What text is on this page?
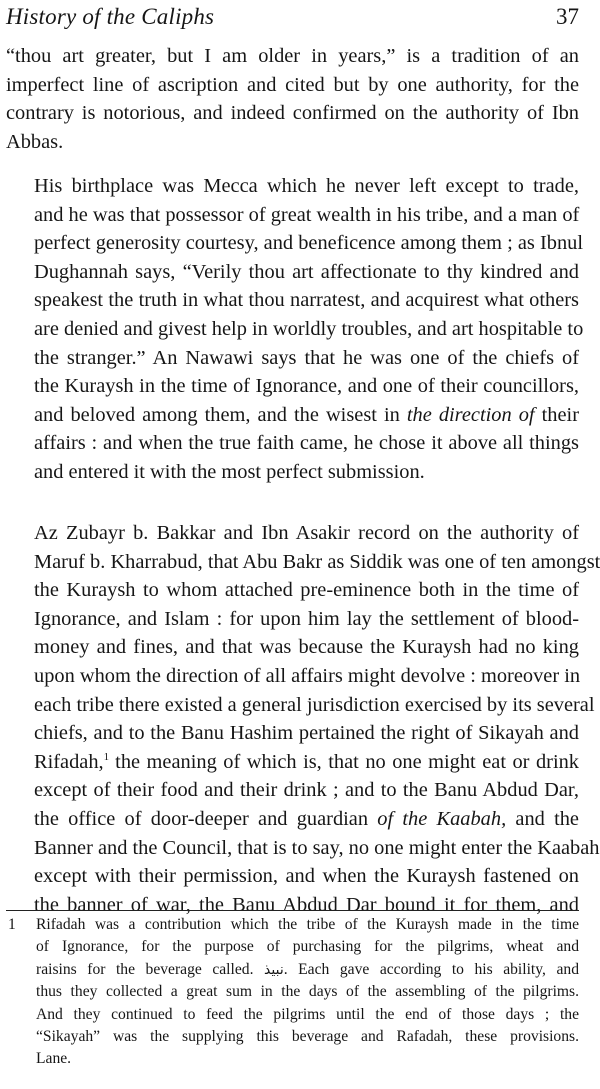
History of the Caliphs	37
“thou art greater, but I am older in years,” is a tradition of an
imperfect line of ascription and cited but by one authority, for the
contrary is notorious, and indeed confirmed on the authority of Ibn
Abbas.
His birthplace was Mecca which he never left except to trade,
and he was that possessor of great wealth in his tribe, and a man of
perfect generosity courtesy, and beneficence among them ; as Ibnul
Dughannah says, “Verily thou art affectionate to thy kindred and
speakest the truth in what thou narratest, and acquirest what others
are denied and givest help in worldly troubles, and art hospitable to
the stranger.” An Nawawi says that he was one of the chiefs of
the Kuraysh in the time of Ignorance, and one of their councillors,
and beloved among them, and the wisest in the direction of their
affairs : and when the true faith came, he chose it above all things
and entered it with the most perfect submission.
Az Zubayr b. Bakkar and Ibn Asakir record on the authority of
Maruf b. Kharrabud, that Abu Bakr as Siddik was one of ten amongst
the Kuraysh to whom attached pre-eminence both in the time of
Ignorance, and Islam : for upon him lay the settlement of blood-
money and fines, and that was because the Kuraysh had no king
upon whom the direction of all affairs might devolve : moreover in
each tribe there existed a general jurisdiction exercised by its several
chiefs, and to the Banu Hashim pertained the right of Sikayah and
Rifadah,$^1$ the meaning of which is, that no one might eat or drink
except of their food and their drink ; and to the Banu Abdud Dar,
the office of door-deeper and guardian of the Kaabah, and the
Banner and the Council, that is to say, no one might enter the Kaabah
except with their permission, and when the Kuraysh fastened on
the banner of war, the Banu Abdud Dar bound it for them, and
1 Rifadah was a contribution which the tribe of the Kuraysh made in the time
of Ignorance, for the purpose of purchasing for the pilgrims, wheat and
raisins for the beverage called. نبيذ. Each gave according to his ability, and
thus they collected a great sum in the days of the assembling of the pilgrims.
And they continued to feed the pilgrims until the end of those days ; the
“Sikayah” was the supplying this beverage and Rafadah, these provisions.
Lane.
